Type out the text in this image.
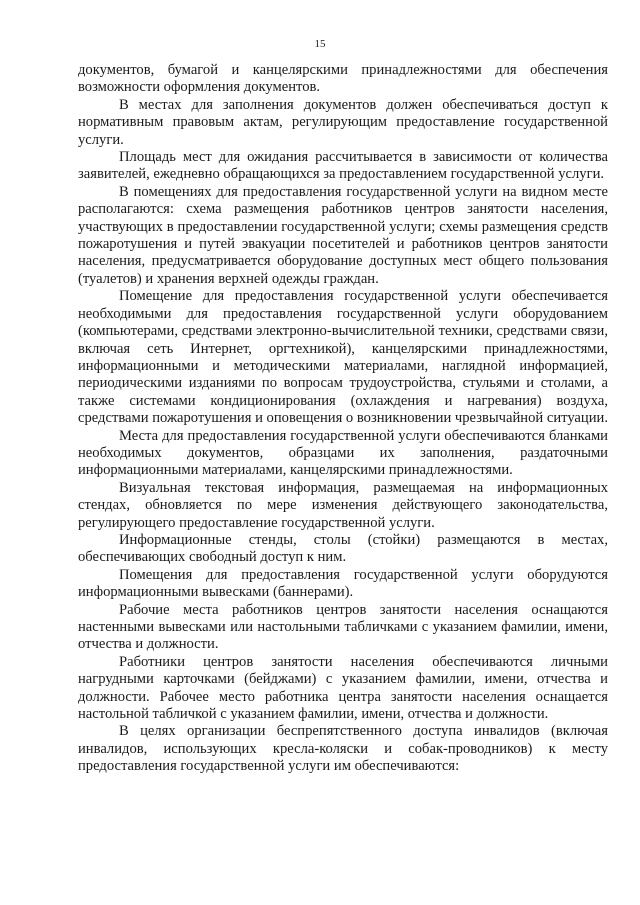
15

документов, бумагой и канцелярскими принадлежностями для обеспечения возможности оформления документов.

В местах для заполнения документов должен обеспечиваться доступ к нормативным правовым актам, регулирующим предоставление государственной услуги.

Площадь мест для ожидания рассчитывается в зависимости от количества заявителей, ежедневно обращающихся за предоставлением государственной услуги.

В помещениях для предоставления государственной услуги на видном месте располагаются: схема размещения работников центров занятости населения, участвующих в предоставлении государственной услуги; схемы размещения средств пожаротушения и путей эвакуации посетителей и работников центров занятости населения, предусматривается оборудование доступных мест общего пользования (туалетов) и хранения верхней одежды граждан.

Помещение для предоставления государственной услуги обеспечивается необходимыми для предоставления государственной услуги оборудованием (компьютерами, средствами электронно-вычислительной техники, средствами связи, включая сеть Интернет, оргтехникой), канцелярскими принадлежностями, информационными и методическими материалами, наглядной информацией, периодическими изданиями по вопросам трудоустройства, стульями и столами, а также системами кондиционирования (охлаждения и нагревания) воздуха, средствами пожаротушения и оповещения о возникновении чрезвычайной ситуации.

Места для предоставления государственной услуги обеспечиваются бланками необходимых документов, образцами их заполнения, раздаточными информационными материалами, канцелярскими принадлежностями.

Визуальная текстовая информация, размещаемая на информационных стендах, обновляется по мере изменения действующего законодательства, регулирующего предоставление государственной услуги.

Информационные стенды, столы (стойки) размещаются в местах, обеспечивающих свободный доступ к ним.

Помещения для предоставления государственной услуги оборудуются информационными вывесками (баннерами).

Рабочие места работников центров занятости населения оснащаются настенными вывесками или настольными табличками с указанием фамилии, имени, отчества и должности.

Работники центров занятости населения обеспечиваются личными нагрудными карточками (бейджами) с указанием фамилии, имени, отчества и должности. Рабочее место работника центра занятости населения оснащается настольной табличкой с указанием фамилии, имени, отчества и должности.

В целях организации беспрепятственного доступа инвалидов (включая инвалидов, использующих кресла-коляски и собак-проводников) к месту предоставления государственной услуги им обеспечиваются:
